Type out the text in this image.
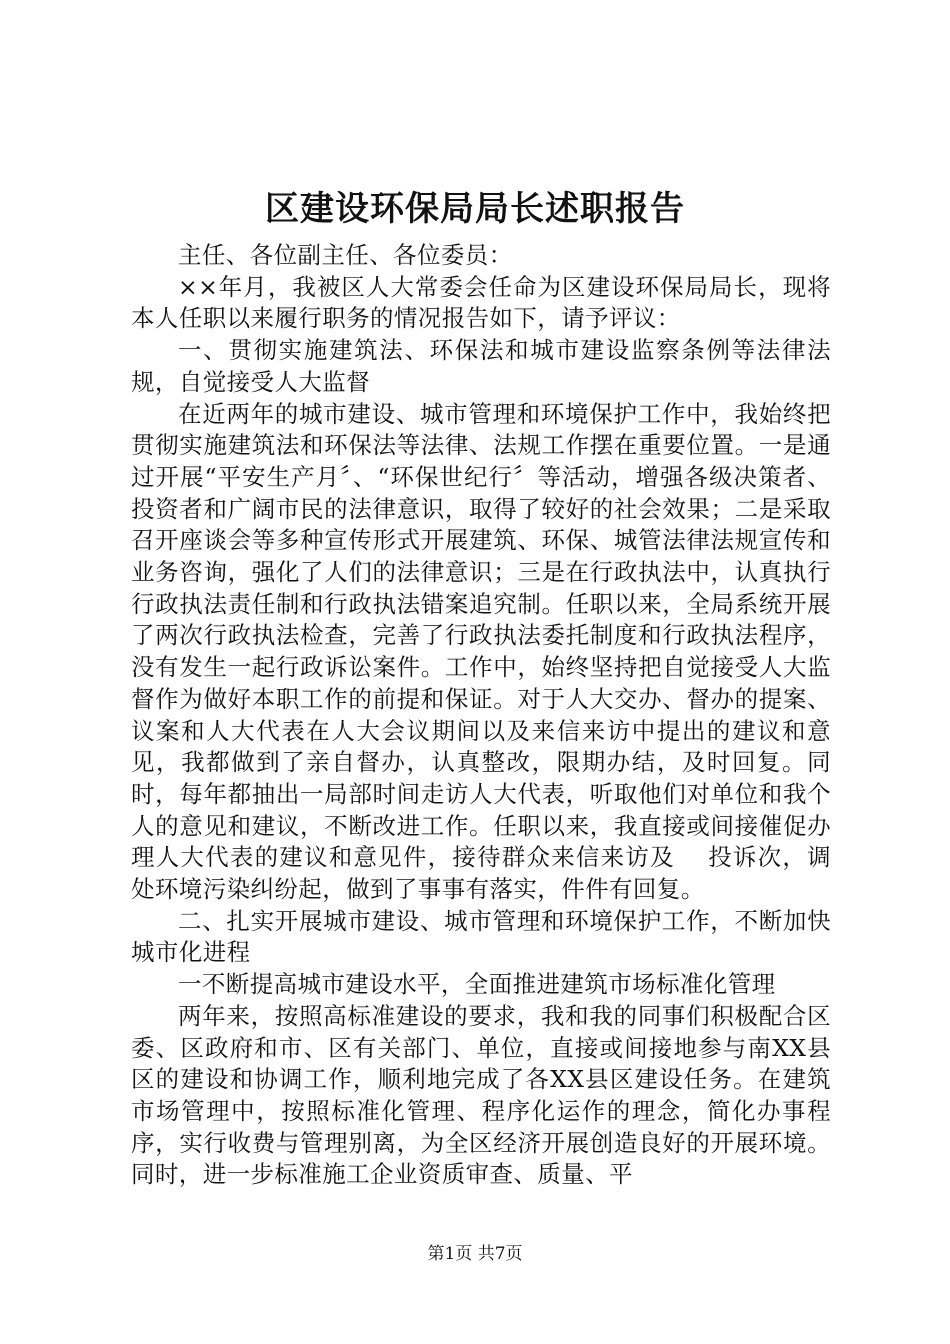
区建设环保局局长述职报告

主任、各位副主任、各位委员：

××年月，我被区人大常委会任命为区建设环保局局长，现将本人任职以来履行职务的情况报告如下，请予评议：

一、贯彻实施建筑法、环保法和城市建设监察条例等法律法规，自觉接受人大监督

在近两年的城市建设、城市管理和环境保护工作中，我始终把贯彻实施建筑法和环保法等法律、法规工作摆在重要位置。一是通过开展“平安生产月〞、“环保世纪行〞等活动，增强各级决策者、投资者和广阔市民的法律意识，取得了较好的社会效果；二是采取召开座谈会等多种宣传形式开展建筑、环保、城管法律法规宣传和业务咨询，强化了人们的法律意识；三是在行政执法中，认真执行行政执法责任制和行政执法错案追究制。任职以来，全局系统开展了两次行政执法检查，完善了行政执法委托制度和行政执法程序，没有发生一起行政诉讼案件。工作中，始终坚持把自觉接受人大监督作为做好本职工作的前提和保证。对于人大交办、督办的提案、议案和人大代表在人大会议期间以及来信来访中提出的建议和意见，我都做到了亲自督办，认真整改，限期办结，及时回复。同时，每年都抽出一局部时间走访人大代表，听取他们对单位和我个人的意见和建议，不断改进工作。任职以来，我直接或间接催促办理人大代表的建议和意见件，接待群众来信来访及　 投诉次，调处环境污染纠纷起，做到了事事有落实，件件有回复。

二、扎实开展城市建设、城市管理和环境保护工作，不断加快城市化进程

一不断提高城市建设水平，全面推进建筑市场标准化管理

两年来，按照高标准建设的要求，我和我的同事们积极配合区委、区政府和市、区有关部门、单位，直接或间接地参与南XX县区的建设和协调工作，顺利地完成了各XX县区建设任务。在建筑市场管理中，按照标准化管理、程序化运作的理念，简化办事程序，实行收费与管理别离，为全区经济开展创造良好的开展环境。同时，进一步标准施工企业资质审查、质量、平

第1页 共7页
